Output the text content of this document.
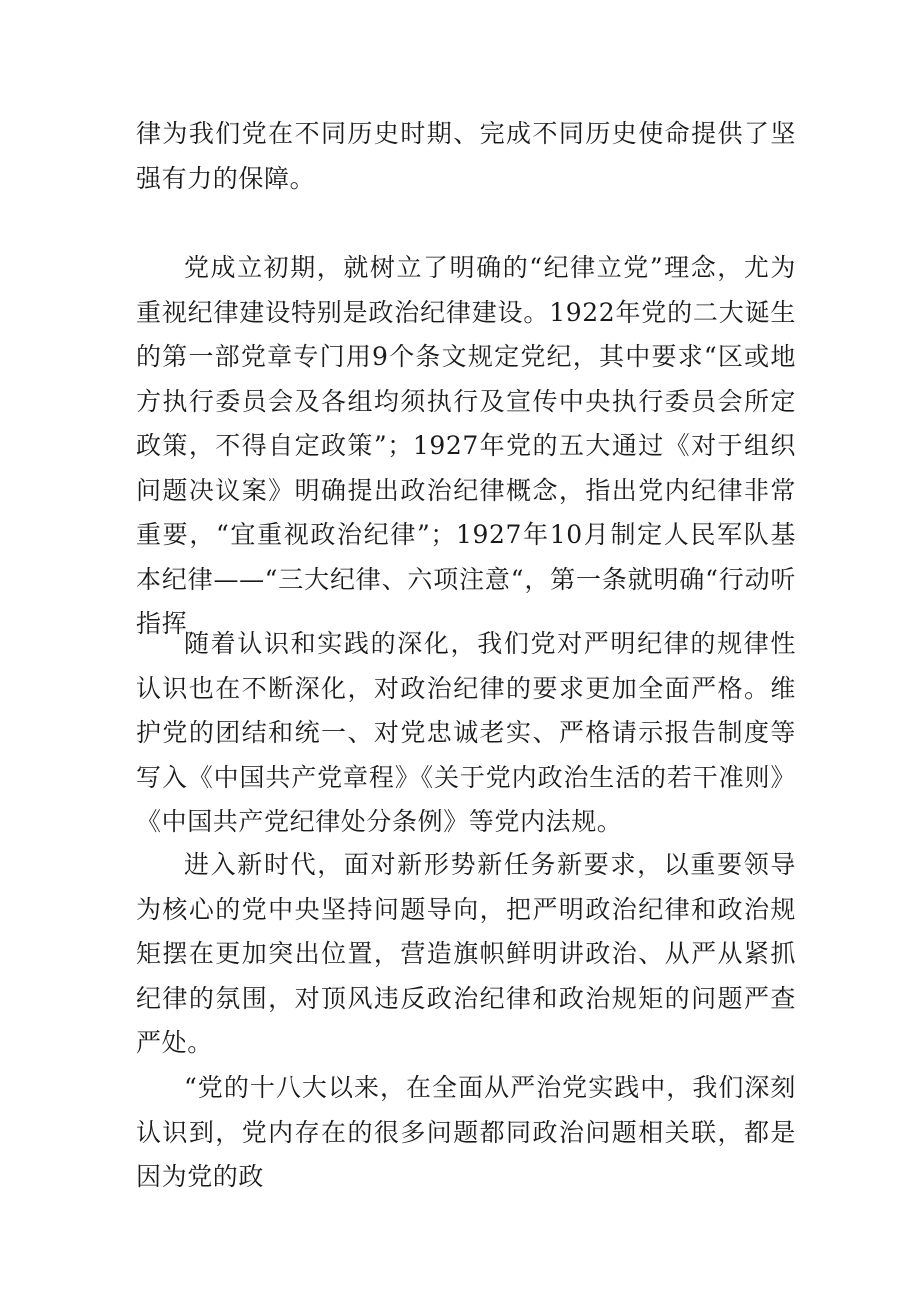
律为我们党在不同历史时期、完成不同历史使命提供了坚强有力的保障。

党成立初期，就树立了明确的“纪律立党”理念，尤为重视纪律建设特别是政治纪律建设。1922年党的二大诞生的第一部党章专门用9个条文规定党纪，其中要求“区或地方执行委员会及各组均须执行及宣传中央执行委员会所定政策，不得自定政策”；1927年党的五大通过《对于组织问题决议案》明确提出政治纪律概念，指出党内纪律非常重要，“宜重视政治纪律”；1927年10月制定人民军队基本纪律——“三大纪律、六项注意“，第一条就明确“行动听指挥

随着认识和实践的深化，我们党对严明纪律的规律性认识也在不断深化，对政治纪律的要求更加全面严格。维护党的团结和统一、对党忠诚老实、严格请示报告制度等写入《中国共产党章程》《关于党内政治生活的若干准则》《中国共产党纪律处分条例》等党内法规。

进入新时代，面对新形势新任务新要求，以重要领导为核心的党中央坚持问题导向，把严明政治纪律和政治规矩摆在更加突出位置，营造旗帜鲜明讲政治、从严从紧抓纪律的氛围，对顶风违反政治纪律和政治规矩的问题严查严处。

“党的十八大以来，在全面从严治党实践中，我们深刻认识到，党内存在的很多问题都同政治问题相关联，都是因为党的政
